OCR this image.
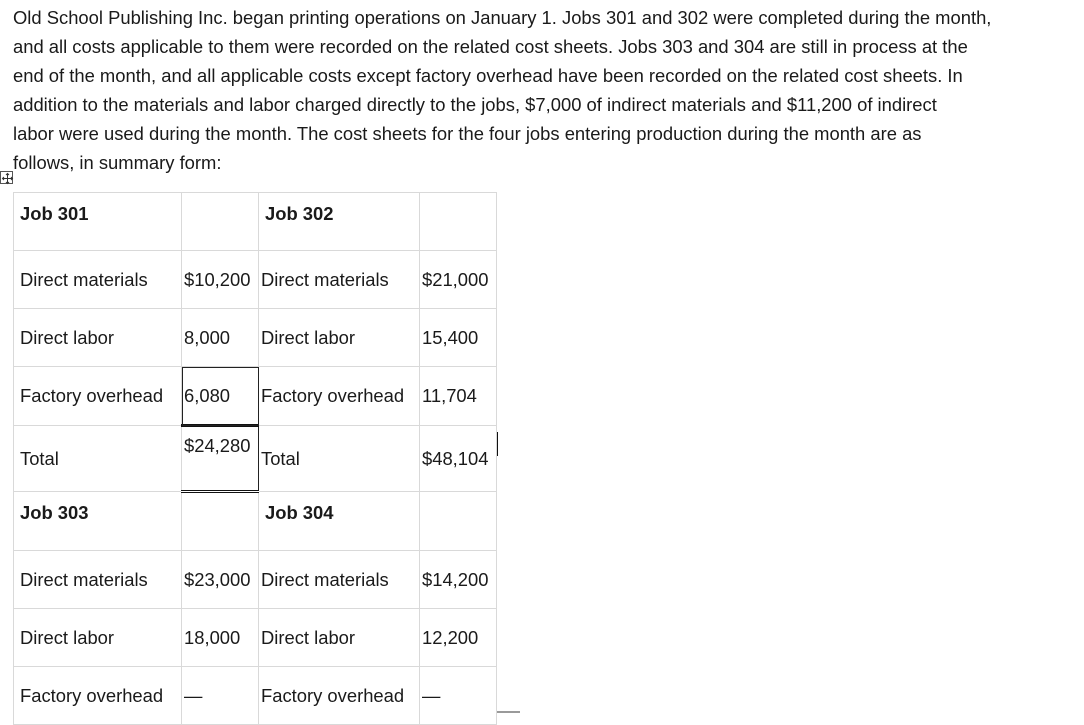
Old School Publishing Inc. began printing operations on January 1. Jobs 301 and 302 were completed during the month,
and all costs applicable to them were recorded on the related cost sheets. Jobs 303 and 304 are still in process at the
end of the month, and all applicable costs except factory overhead have been recorded on the related cost sheets. In
addition to the materials and labor charged directly to the jobs, $7,000 of indirect materials and $11,200 of indirect
labor were used during the month. The cost sheets for the four jobs entering production during the month are as
follows, in summary form:
Job 301		Job 302	
Direct materials	$10,200	Direct materials	$21,000
Direct labor	8,000	Direct labor	15,400
Factory overhead	6,080	Factory overhead	11,704
Total	$24,280	Total	$48,104
Job 303		Job 304	
Direct materials	$23,000	Direct materials	$14,200
Direct labor	18,000	Direct labor	12,200
Factory overhead	—	Factory overhead	—
